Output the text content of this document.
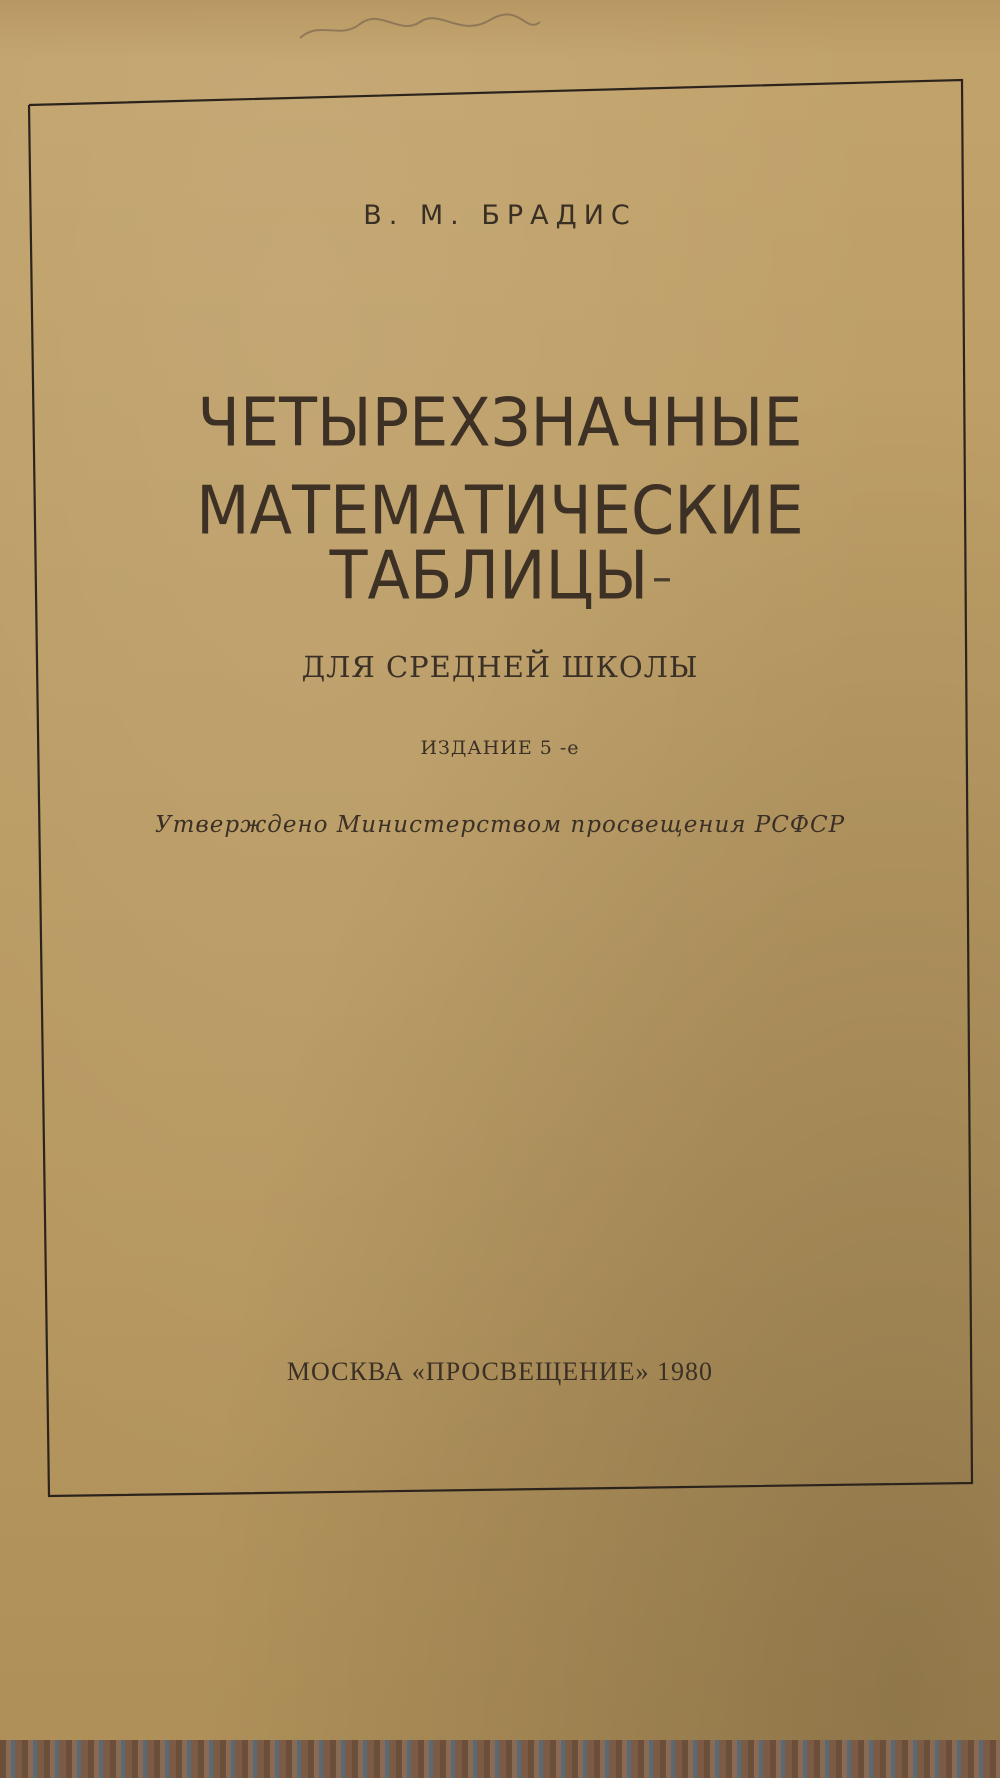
В. М. БРАДИС
ЧЕТЫРЕХЗНАЧНЫЕ
МАТЕМАТИЧЕСКИЕ
ТАБЛИЦЫ
ДЛЯ СРЕДНЕЙ ШКОЛЫ
ИЗДАНИЕ 5 -е
Утверждено Министерством просвещения РСФСР
МОСКВА «ПРОСВЕЩЕНИЕ» 1980
